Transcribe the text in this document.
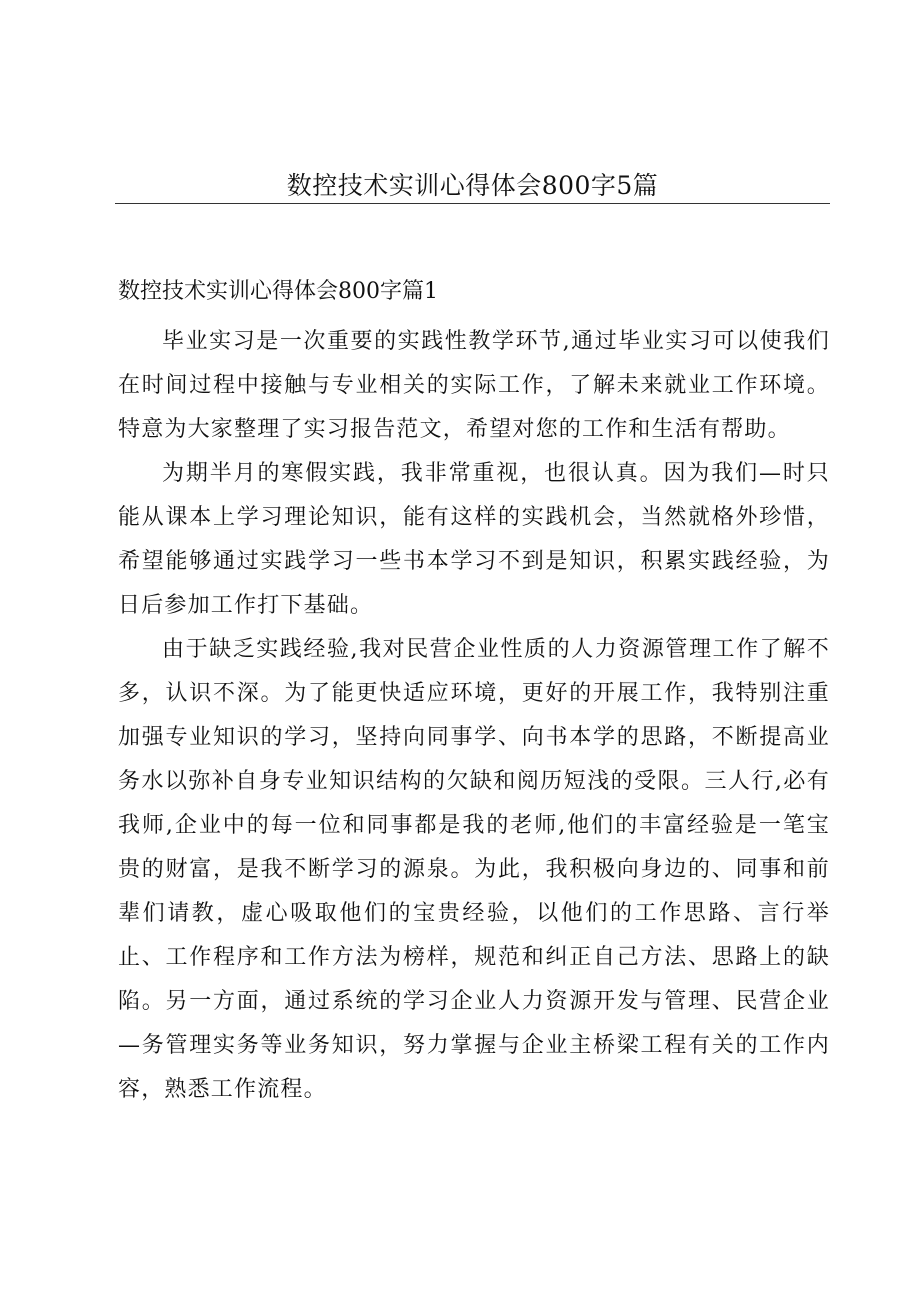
数控技术实训心得体会800字5篇
数控技术实训心得体会800字篇1

毕业实习是一次重要的实践性教学环节,通过毕业实习可以使我们在时间过程中接触与专业相关的实际工作，了解未来就业工作环境。特意为大家整理了实习报告范文，希望对您的工作和生活有帮助。

为期半月的寒假实践，我非常重视，也很认真。因为我们—时只能从课本上学习理论知识，能有这样的实践机会，当然就格外珍惜，希望能够通过实践学习一些书本学习不到是知识，积累实践经验，为日后参加工作打下基础。

由于缺乏实践经验,我对民营企业性质的人力资源管理工作了解不多，认识不深。为了能更快适应环境，更好的开展工作，我特别注重加强专业知识的学习，坚持向同事学、向书本学的思路，不断提高业务水以弥补自身专业知识结构的欠缺和阅历短浅的受限。三人行,必有我师,企业中的每一位和同事都是我的老师,他们的丰富经验是一笔宝贵的财富，是我不断学习的源泉。为此，我积极向身边的、同事和前辈们请教，虚心吸取他们的宝贵经验，以他们的工作思路、言行举止、工作程序和工作方法为榜样，规范和纠正自己方法、思路上的缺陷。另一方面，通过系统的学习企业人力资源开发与管理、民营企业—务管理实务等业务知识，努力掌握与企业主桥梁工程有关的工作内容，熟悉工作流程。
